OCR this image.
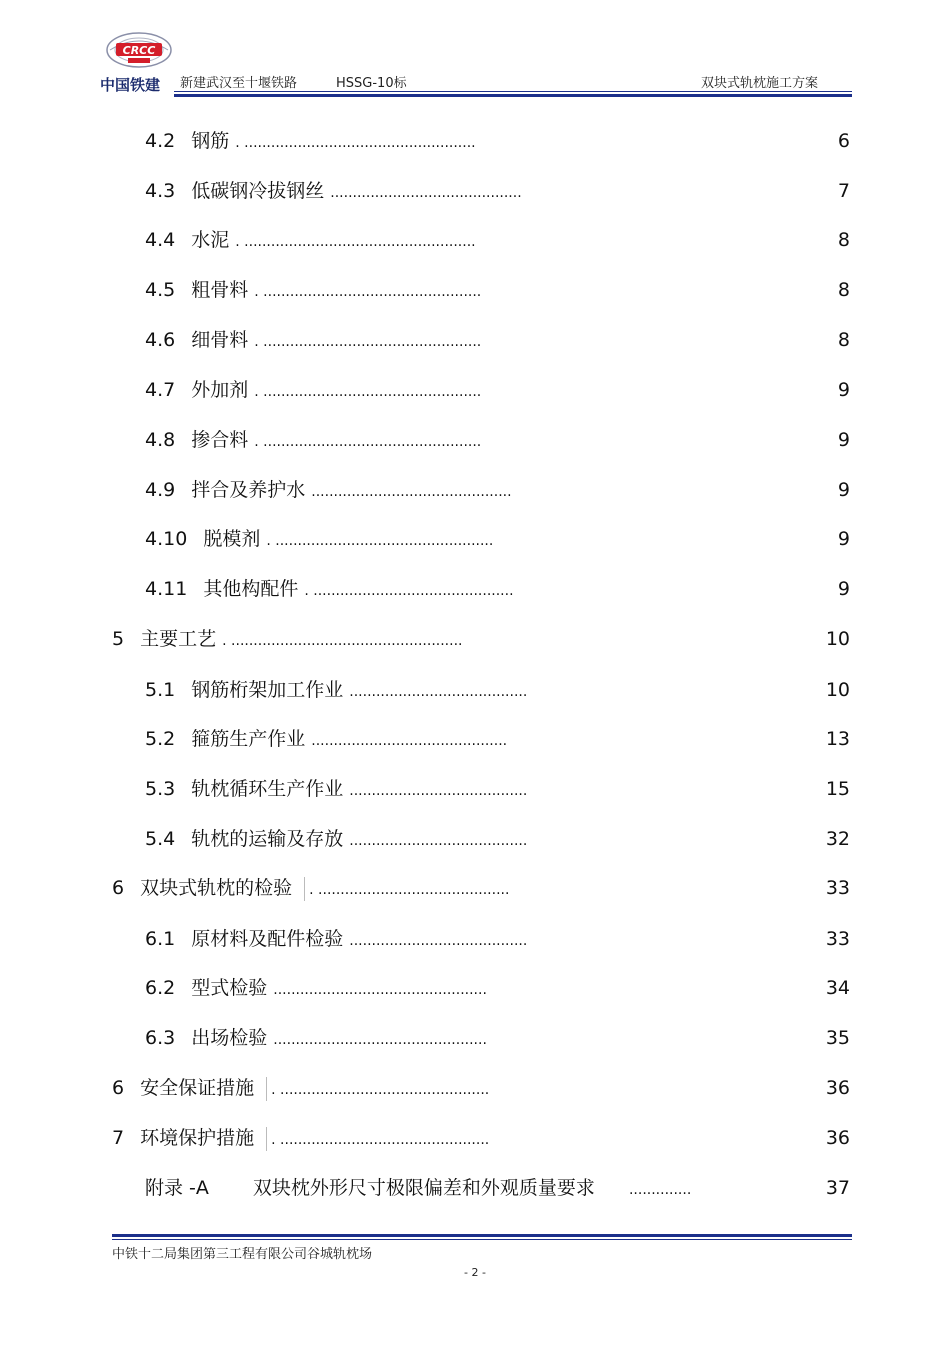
CRCC
中国铁建 新建武汉至十堰铁路	HSSG-10标	双块式轨枕施工方案
4.2 钢筋 . ....................................................	6
4.3 低碳钢冷拔钢丝 ...........................................	7
4.4 水泥 . ....................................................	8
4.5 粗骨料 . .................................................	8
4.6 细骨料 . .................................................	8
4.7 外加剂 . .................................................	9
4.8 掺合料 . .................................................	9
4.9 拌合及养护水 .............................................	9
4.10 脱模剂 . .................................................	9
4.11 其他构配件 . .............................................	9
5 主要工艺 . ....................................................	10
5.1 钢筋桁架加工作业 ........................................	10
5.2 箍筋生产作业 ............................................	13
5.3 轨枕循环生产作业 ........................................	15
5.4 轨枕的运输及存放 ........................................	32
6 双块式轨枕的检验 . ...........................................	33
6.1 原材料及配件检验 ........................................	33
6.2 型式检验 ................................................	34
6.3 出场检验 ................................................	35
6 安全保证措施 . ...............................................	36
7 环境保护措施 . ...............................................	36
附录 -A 双块枕外形尺寸极限偏差和外观质量要求 ..............	37
中铁十二局集团第三工程有限公司谷城轨枕场
- 2 -
